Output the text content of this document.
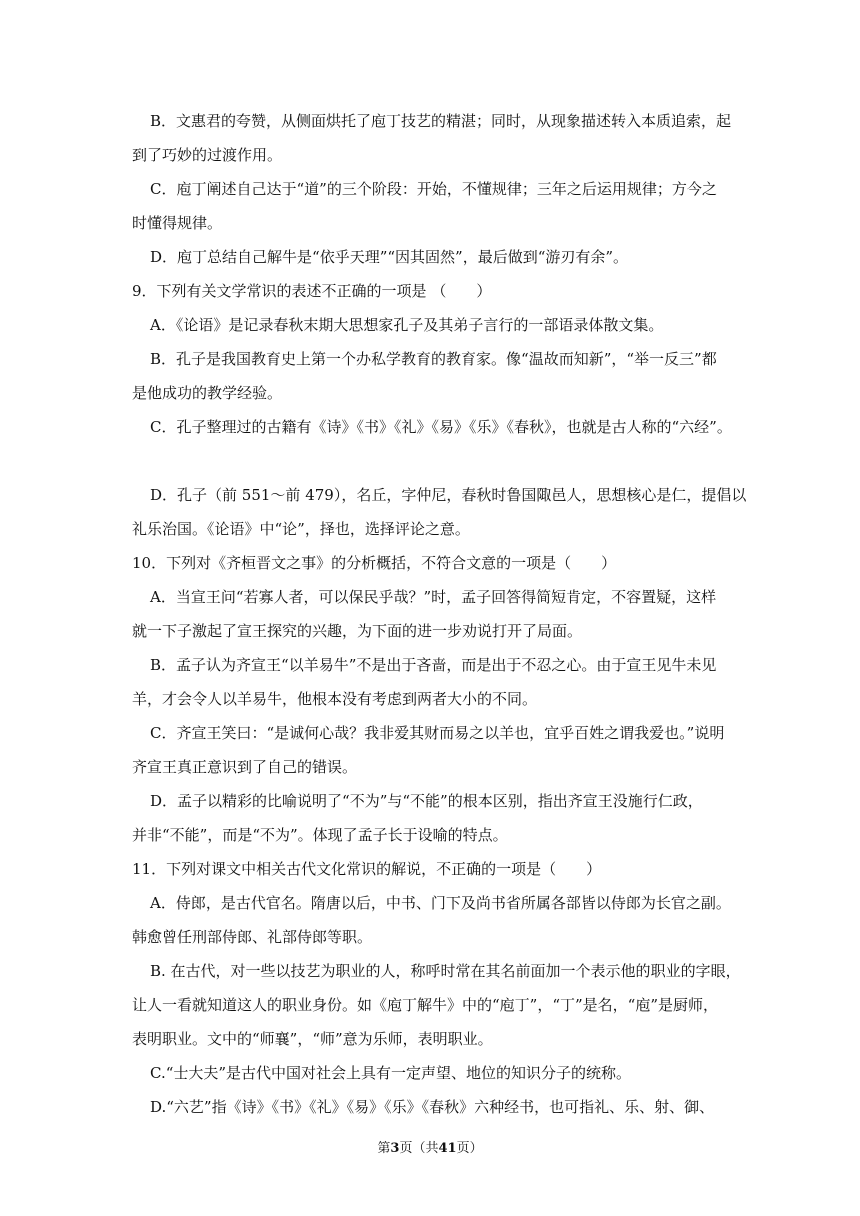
B．文惠君的夸赞，从侧面烘托了庖丁技艺的精湛；同时，从现象描述转入本质追索，起
到了巧妙的过渡作用。
C．庖丁阐述自己达于“道”的三个阶段：开始，不懂规律；三年之后运用规律；方今之
时懂得规律。
D．庖丁总结自己解牛是“依乎天理”“因其固然”，最后做到“游刃有余”。
9．下列有关文学常识的表述不正确的一项是 （　　）
A．《论语》是记录春秋末期大思想家孔子及其弟子言行的一部语录体散文集。
B．孔子是我国教育史上第一个办私学教育的教育家。像“温故而知新”，“举一反三”都
是他成功的教学经验。
C．孔子整理过的古籍有《诗》《书》《礼》《易》《乐》《春秋》，也就是古人称的“六经”。
D．孔子（前 551～前 479），名丘，字仲尼，春秋时鲁国陬邑人，思想核心是仁，提倡以
礼乐治国。《论语》中“论”，择也，选择评论之意。
10．下列对《齐桓晋文之事》的分析概括，不符合文意的一项是（　　）
A．当宣王问“若寡人者，可以保民乎哉？”时，孟子回答得简短肯定，不容置疑，这样
就一下子激起了宣王探究的兴趣，为下面的进一步劝说打开了局面。
B．孟子认为齐宣王“以羊易牛”不是出于吝啬，而是出于不忍之心。由于宣王见牛未见
羊，才会令人以羊易牛，他根本没有考虑到两者大小的不同。
C．齐宣王笑曰：“是诚何心哉？我非爱其财而易之以羊也，宜乎百姓之谓我爱也。”说明
齐宣王真正意识到了自己的错误。
D．孟子以精彩的比喻说明了“不为”与“不能”的根本区别，指出齐宣王没施行仁政，
并非“不能”，而是“不为”。体现了孟子长于设喻的特点。
11．下列对课文中相关古代文化常识的解说，不正确的一项是（　　）
A．侍郎，是古代官名。隋唐以后，中书、门下及尚书省所属各部皆以侍郎为长官之副。
韩愈曾任刑部侍郎、礼部侍郎等职。
B. 在古代，对一些以技艺为职业的人，称呼时常在其名前面加一个表示他的职业的字眼，
让人一看就知道这人的职业身份。如《庖丁解牛》中的“庖丁”，“丁”是名，“庖”是厨师，
表明职业。文中的“师襄”，“师”意为乐师，表明职业。
C.“士大夫”是古代中国对社会上具有一定声望、地位的知识分子的统称。
D.“六艺”指《诗》《书》《礼》《易》《乐》《春秋》六种经书，也可指礼、乐、射、御、
第3页（共41页）
